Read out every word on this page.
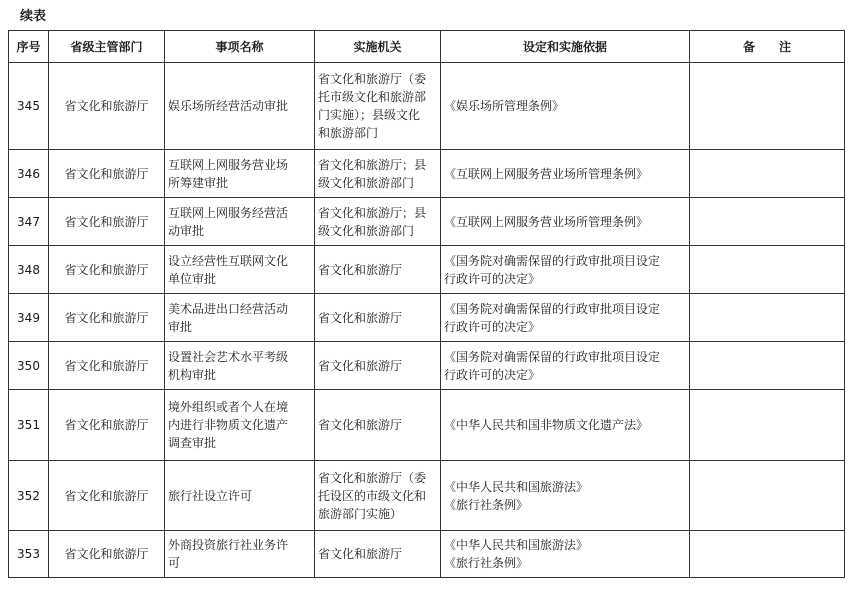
续表
序号	省级主管部门	事项名称	实施机关	设定和实施依据	备　　注
345	省文化和旅游厅	娱乐场所经营活动审批	省文化和旅游厅（委
托市级文化和旅游部
门实施）；县级文化
和旅游部门	《娱乐场所管理条例》	

346	省文化和旅游厅	互联网上网服务营业场
所筹建审批	省文化和旅游厅；县
级文化和旅游部门	《互联网上网服务营业场所管理条例》	

347	省文化和旅游厅	互联网上网服务经营活
动审批	省文化和旅游厅；县
级文化和旅游部门	《互联网上网服务营业场所管理条例》	

348	省文化和旅游厅	设立经营性互联网文化
单位审批	省文化和旅游厅	《国务院对确需保留的行政审批项目设定
行政许可的决定》	

349	省文化和旅游厅	美术品进出口经营活动
审批	省文化和旅游厅	《国务院对确需保留的行政审批项目设定
行政许可的决定》	

350	省文化和旅游厅	设置社会艺术水平考级
机构审批	省文化和旅游厅	《国务院对确需保留的行政审批项目设定
行政许可的决定》	

351	省文化和旅游厅	境外组织或者个人在境
内进行非物质文化遗产
调查审批	省文化和旅游厅	《中华人民共和国非物质文化遗产法》	

352	省文化和旅游厅	旅行社设立许可	省文化和旅游厅（委
托设区的市级文化和
旅游部门实施）	《中华人民共和国旅游法》
《旅行社条例》	

353	省文化和旅游厅	外商投资旅行社业务许
可	省文化和旅游厅	《中华人民共和国旅游法》
《旅行社条例》	
